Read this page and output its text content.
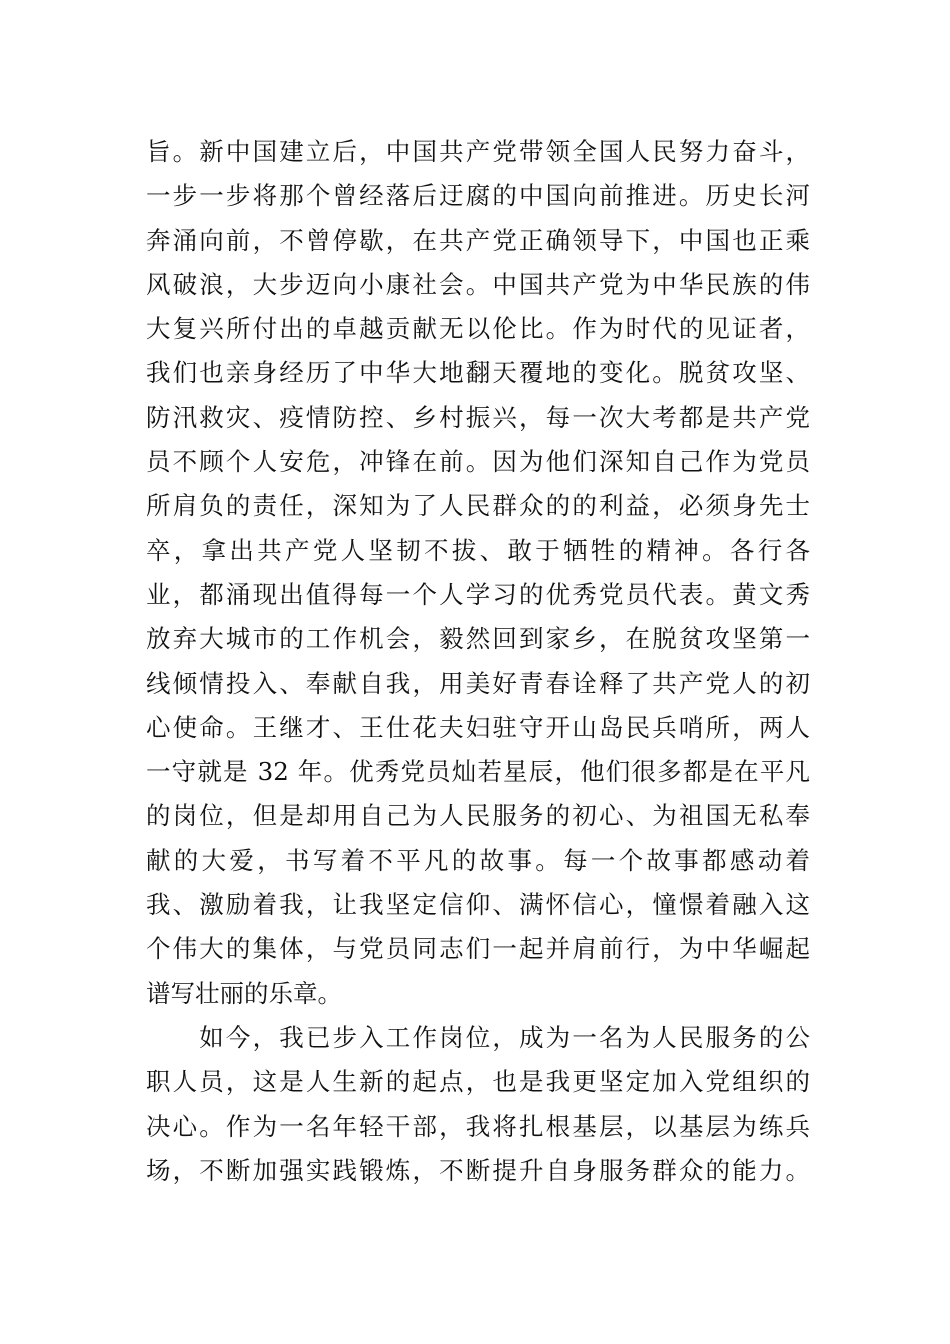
旨。新中国建立后，中国共产党带领全国人民努力奋斗，
一步一步将那个曾经落后迂腐的中国向前推进。历史长河
奔涌向前，不曾停歇，在共产党正确领导下，中国也正乘
风破浪，大步迈向小康社会。中国共产党为中华民族的伟
大复兴所付出的卓越贡献无以伦比。作为时代的见证者，
我们也亲身经历了中华大地翻天覆地的变化。脱贫攻坚、
防汛救灾、疫情防控、乡村振兴，每一次大考都是共产党
员不顾个人安危，冲锋在前。因为他们深知自己作为党员
所肩负的责任，深知为了人民群众的的利益，必须身先士
卒，拿出共产党人坚韧不拔、敢于牺牲的精神。各行各
业，都涌现出值得每一个人学习的优秀党员代表。黄文秀
放弃大城市的工作机会，毅然回到家乡，在脱贫攻坚第一
线倾情投入、奉献自我，用美好青春诠释了共产党人的初
心使命。王继才、王仕花夫妇驻守开山岛民兵哨所，两人
一守就是 32 年。优秀党员灿若星辰，他们很多都是在平凡
的岗位，但是却用自己为人民服务的初心、为祖国无私奉
献的大爱，书写着不平凡的故事。每一个故事都感动着
我、激励着我，让我坚定信仰、满怀信心，憧憬着融入这
个伟大的集体，与党员同志们一起并肩前行，为中华崛起
谱写壮丽的乐章。
　　如今，我已步入工作岗位，成为一名为人民服务的公
职人员，这是人生新的起点，也是我更坚定加入党组织的
决心。作为一名年轻干部，我将扎根基层，以基层为练兵
场，不断加强实践锻炼，不断提升自身服务群众的能力。
